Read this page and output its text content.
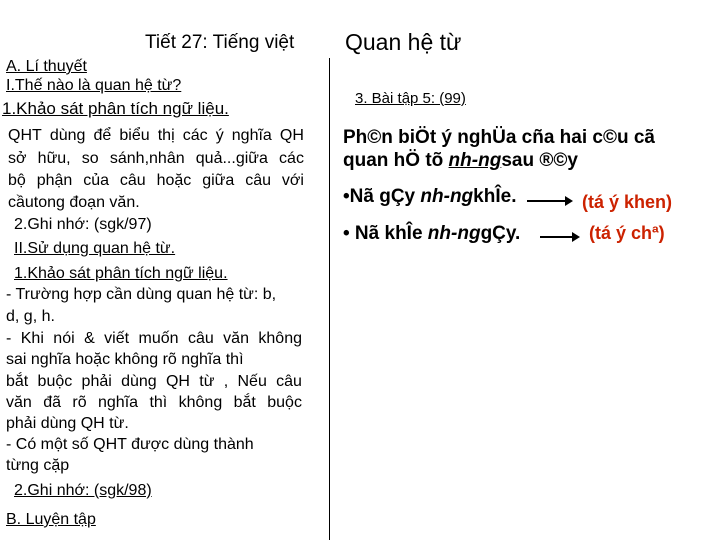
Tiết 27: Tiếng việt Quan hệ từ
A. Lí thuyết
I.Thế nào là quan hệ từ?
1.Khảo sát phân tích ngữ liệu.
QHT dùng để biểu thị các ý nghĩa QH
sở hữu, so sánh,nhân quả...giữa các
bộ phận của câu hoặc giữa câu với
cầutong đoạn văn.
2.Ghi nhớ: (sgk/97)
II.Sử dụng quan hệ từ.
1.Khảo sát phân tích ngữ liệu.
- Trường hợp cần dùng quan hệ từ: b,
d, g, h.
- Khi nói & viết muốn câu văn không
sai nghĩa hoặc không rõ nghĩa thì
bắt buộc phải dùng QH từ , Nếu câu
văn đã rõ nghĩa thì không bắt buộc
phải dùng QH từ.
- Có một số QHT được dùng thành
từng cặp
2.Ghi nhớ: (sgk/98)
B. Luyện tập
3. Bài tập 5: (99)
Ph©n biÖt ý nghÜa cña hai c©u cã
quan hÖ tõ nh-ngsau ®©y
•Nã gÇy nh-ngkhÎe.	(tá ý khen)
• Nã khÎe nh-nggÇy.	(tá ý chª)
